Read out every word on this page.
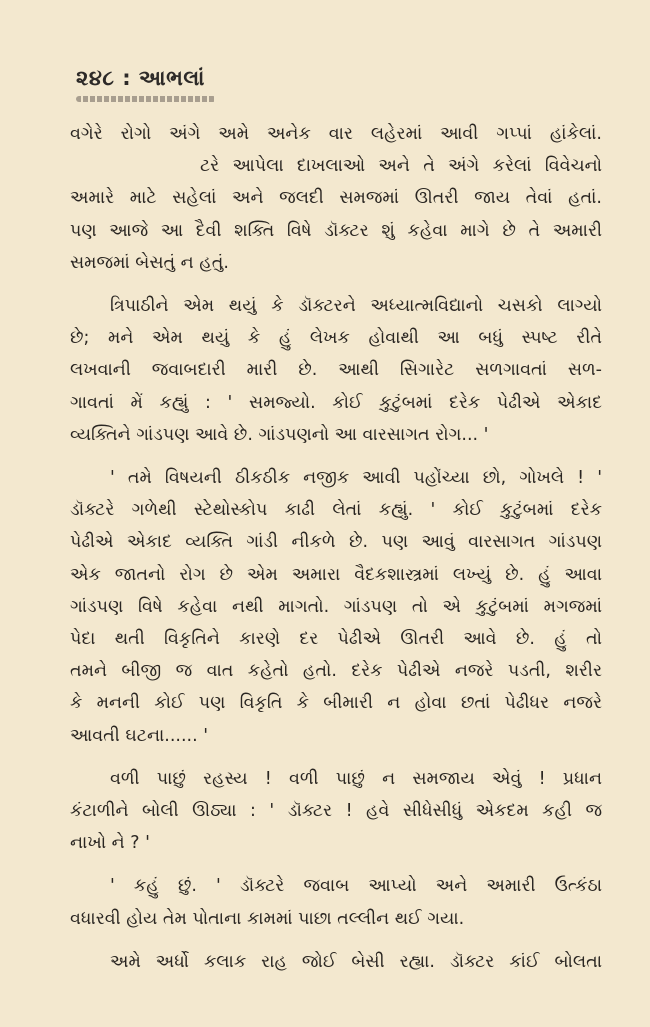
૨૪૮ : આભલાં

વગેરે રોગો અંગે અમે અનેક વાર લહેરમાં આવી ગપ્પાં હાંકેલાં.
ટરે આપેલા દાખલાઓ અને તે અંગે કરેલાં વિવેચનો
અમારે માટે સહેલાં અને જલદી સમજમાં ઊતરી જાય તેવાં હતાં.
પણ આજે આ દૈવી શક્તિ વિષે ડૉક્ટર શું કહેવા માગે છે તે અમારી
સમજમાં બેસતું ન હતું.

ત્રિપાઠીને એમ થયું કે ડૉક્ટરને અધ્યાત્મવિદ્યાનો ચસકો લાગ્યો
છે; મને એમ થયું કે હું લેખક હોવાથી આ બધું સ્પષ્ટ રીતે
લખવાની જવાબદારી મારી છે. આથી સિગારેટ સળગાવતાં સળ-
ગાવતાં મેં કહ્યું : ' સમજ્યો. કોઈ કુટુંબમાં દરેક પેઢીએ એકાદ
વ્યક્તિને ગાંડપણ આવે છે. ગાંડપણનો આ વારસાગત રોગ... '

' તમે વિષયની ઠીકઠીક નજીક આવી પહોંચ્યા છો, ગોખલે ! '
ડૉક્ટરે ગળેથી સ્ટેથોસ્કોપ કાઢી લેતાં કહ્યું. ' કોઈ કુટુંબમાં દરેક
પેઢીએ એકાદ વ્યક્તિ ગાંડી નીકળે છે. પણ આવું વારસાગત ગાંડપણ
એક જાતનો રોગ છે એમ અમારા વૈદકશાસ્ત્રમાં લખ્યું છે. હું આવા
ગાંડપણ વિષે કહેવા નથી માગતો. ગાંડપણ તો એ કુટુંબમાં મગજમાં
પેદા થતી વિકૃતિને કારણે દર પેઢીએ ઊતરી આવે છે. હું તો
તમને બીજી જ વાત કહેતો હતો. દરેક પેઢીએ નજરે પડતી, શરીર
કે મનની કોઈ પણ વિકૃતિ કે બીમારી ન હોવા છતાં પેઢીધર નજરે
આવતી ઘટના...... '

વળી પાછું રહસ્ય ! વળી પાછું ન સમજાય એવું ! પ્રધાન
કંટાળીને બોલી ઊઠ્યા : ' ડૉક્ટર ! હવે સીધેસીધું એકદમ કહી જ
નાખો ને ? '

' કહું છું. ' ડૉક્ટરે જવાબ આપ્યો અને અમારી ઉત્કંઠા
વધારવી હોય તેમ પોતાના કામમાં પાછા તલ્લીન થઈ ગયા.

અમે અર્ધો કલાક રાહ જોઈ બેસી રહ્યા. ડૉક્ટર કાંઈ બોલતા
